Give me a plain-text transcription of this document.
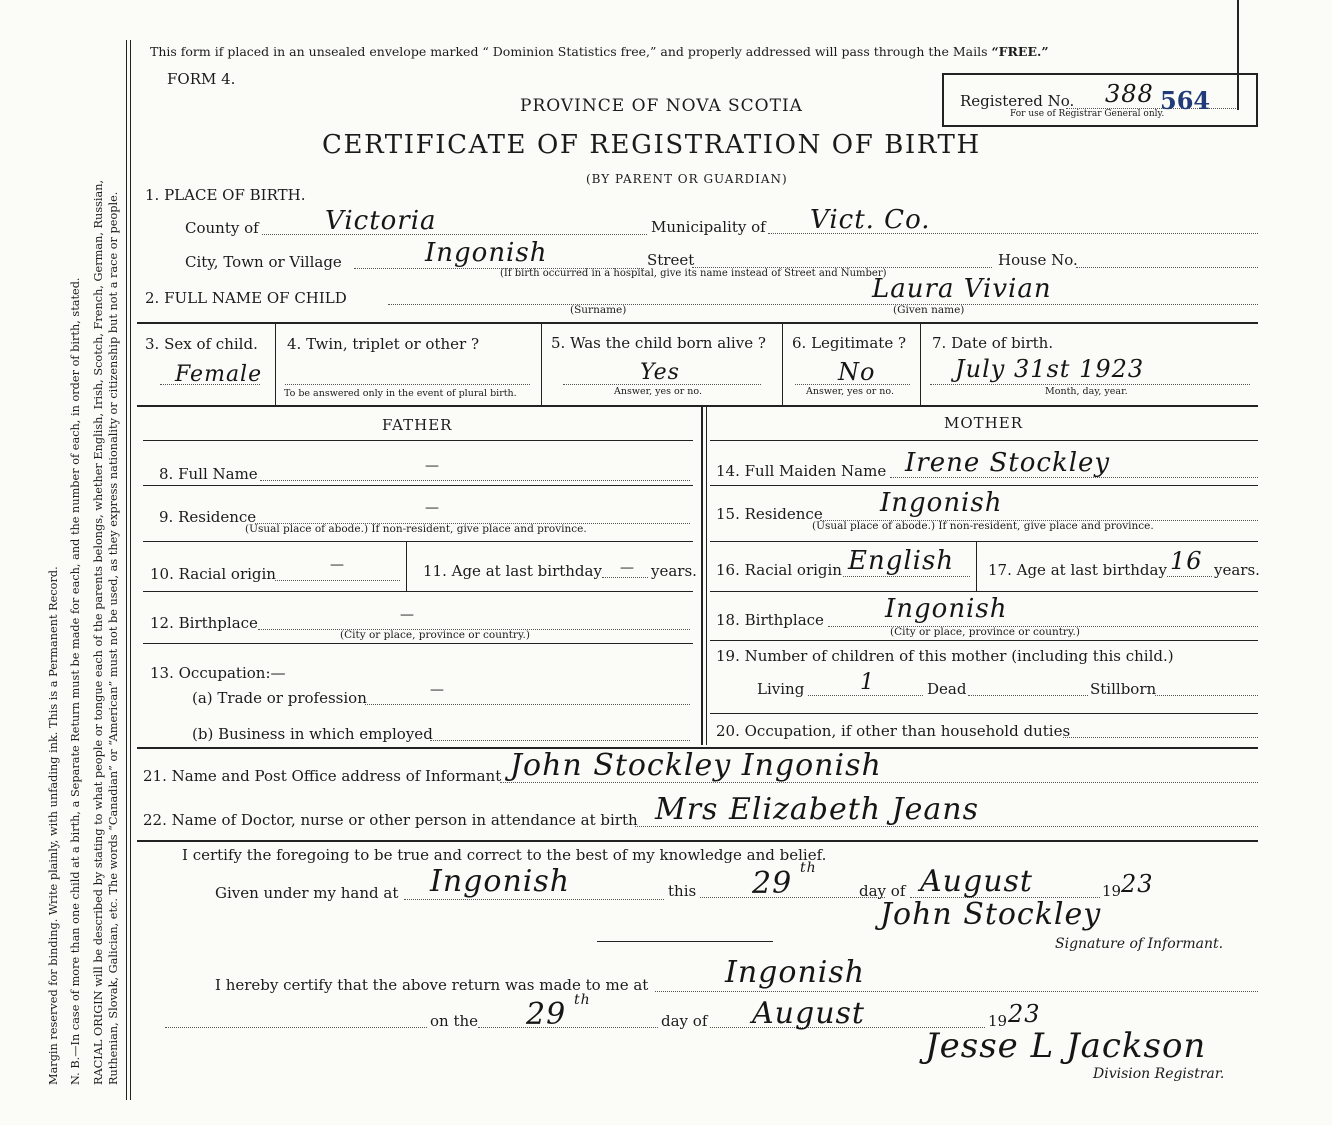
Margin reserved for binding. Write plainly, with unfading ink. This is a Permanent Record. N. B.—In case of more than one child at a birth, a Separate Return must be made for each, and the number of each, in order of birth, stated. RACIAL ORIGIN will be described by stating to what people or tongue each of the parents belongs, whether English, Irish, Scotch, French, German, Russian, Ruthenian, Slovak, Galician, etc. The words “Canadian” or “American” must not be used, as they express nationality or citizenship but not a race or people.
This form if placed in an unsealed envelope marked “ Dominion Statistics free,” and properly addressed will pass through the Mails “FREE.”
FORM 4.
PROVINCE OF NOVA SCOTIA
CERTIFICATE OF REGISTRATION OF BIRTH
(BY PARENT OR GUARDIAN)
Registered No. 388 564
For use of Registrar General only.
1. PLACE OF BIRTH.
County of	Victoria	Municipality of Vict. Co.
City, Town or Village	Ingonish	Street
(If birth occurred in a hospital, give its name instead of Street and Number)
House No.
2. FULL NAME OF CHILD	Laura Vivian
(Surname)	(Given name)
3. Sex of child.
Female
4. Twin, triplet or other ?
To be answered only in the event of plural birth.
5. Was the child born alive ?
Yes
Answer, yes or no.
6. Legitimate ?
No
Answer, yes or no.
7. Date of birth.
July 31st 1923
Month, day, year.
FATHER	MOTHER
8. Full Name	—
9. Residence	—
(Usual place of abode.) If non-resident, give place and province.
10. Racial origin	—	11. Age at last birthday — years.
12. Birthplace	—
(City or place, province or country.)
13. Occupation:—
(a) Trade or profession	—
(b) Business in which employed
14. Full Maiden Name Irene Stockley
15. Residence Ingonish
(Usual place of abode.) If non-resident, give place and province.
16. Racial origin English 17. Age at last birthday 16 years.
18. Birthplace Ingonish
(City or place, province or country.)
19. Number of children of this mother (including this child.)
Living	1	Dead	Stillborn
20. Occupation, if other than household duties
21. Name and Post Office address of Informant John Stockley Ingonish
22. Name of Doctor, nurse or other person in attendance at birth Mrs Elizabeth Jeans
I certify the foregoing to be true and correct to the best of my knowledge and belief.
Given under my hand at Ingonish	this 29 th
day of August	19 23
John Stockley
Signature of Informant.
I hereby certify that the above return was made to me at	Ingonish
on the 29 th
day of August	19 23
Jesse L Jackson
Division Registrar.
